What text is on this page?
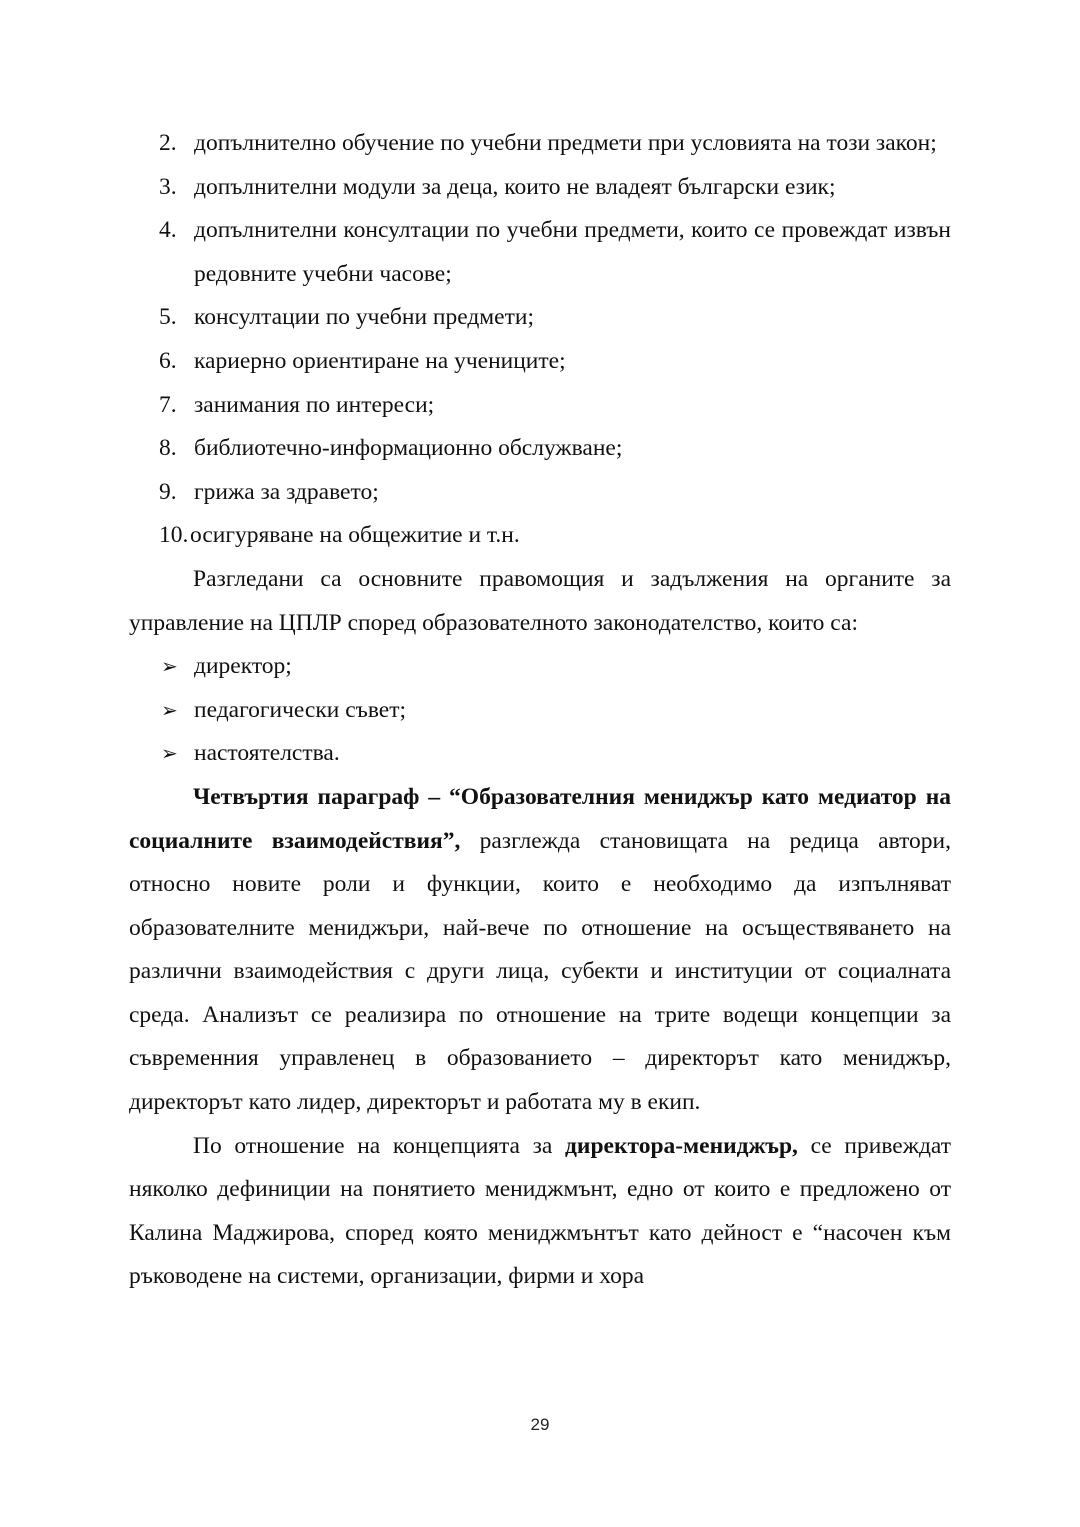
2. допълнително обучение по учебни предмети при условията на този закон;
3. допълнителни модули за деца, които не владеят български език;
4. допълнителни консултации по учебни предмети, които се провеждат извън редовните учебни часове;
5. консултации по учебни предмети;
6. кариерно ориентиране на учениците;
7. занимания по интереси;
8. библиотечно-информационно обслужване;
9. грижа за здравето;
10. осигуряване на общежитие и т.н.

Разгледани са основните правомощия и задължения на органите за управление на ЦПЛР според образователното законодателство, които са:

➢ директор;
➢ педагогически съвет;
➢ настоятелства.

Четвъртия параграф – “Образователния мениджър като медиатор на социалните взаимодействия”, разглежда становищата на редица автори, относно новите роли и функции, които е необходимо да изпълняват образователните мениджъри, най-вече по отношение на осъществяването на различни взаимодействия с други лица, субекти и институции от социалната среда. Анализът се реализира по отношение на трите водещи концепции за съвременния управленец в образованието – директорът като мениджър, директорът като лидер, директорът и работата му в екип.

По отношение на концепцията за директора-мениджър, се привеждат няколко дефиниции на понятието мениджмънт, едно от които е предложено от Калина Маджирова, според която мениджмънтът като дейност е “насочен към ръководене на системи, организации, фирми и хора

29
